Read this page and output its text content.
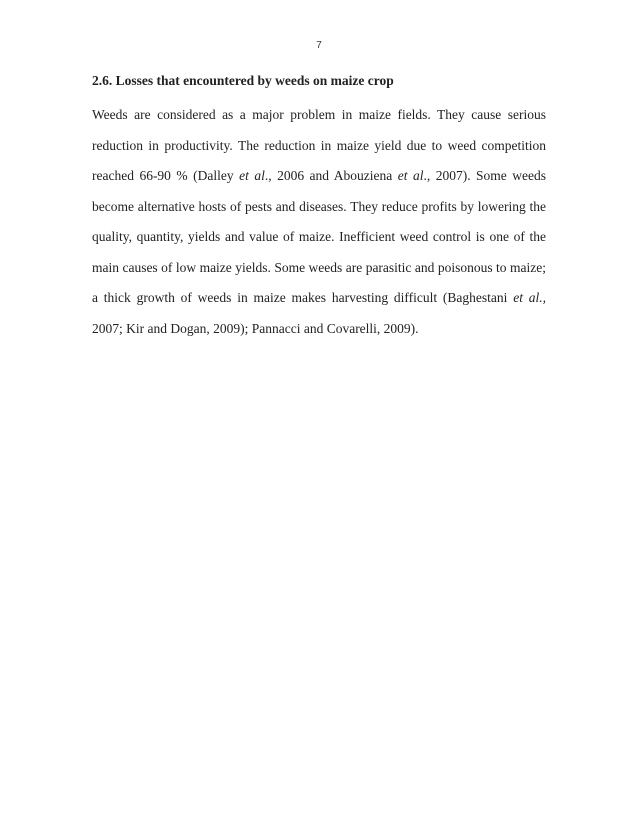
7
2.6. Losses that encountered by weeds on maize crop

Weeds are considered as a major problem in maize fields. They cause serious reduction in productivity. The reduction in maize yield due to weed competition reached 66-90 % (Dalley et al., 2006 and Abouziena et al., 2007). Some weeds become alternative hosts of pests and diseases. They reduce profits by lowering the quality, quantity, yields and value of maize. Inefficient weed control is one of the main causes of low maize yields. Some weeds are parasitic and poisonous to maize; a thick growth of weeds in maize makes harvesting difficult (Baghestani et al., 2007; Kir and Dogan, 2009); Pannacci and Covarelli, 2009).
